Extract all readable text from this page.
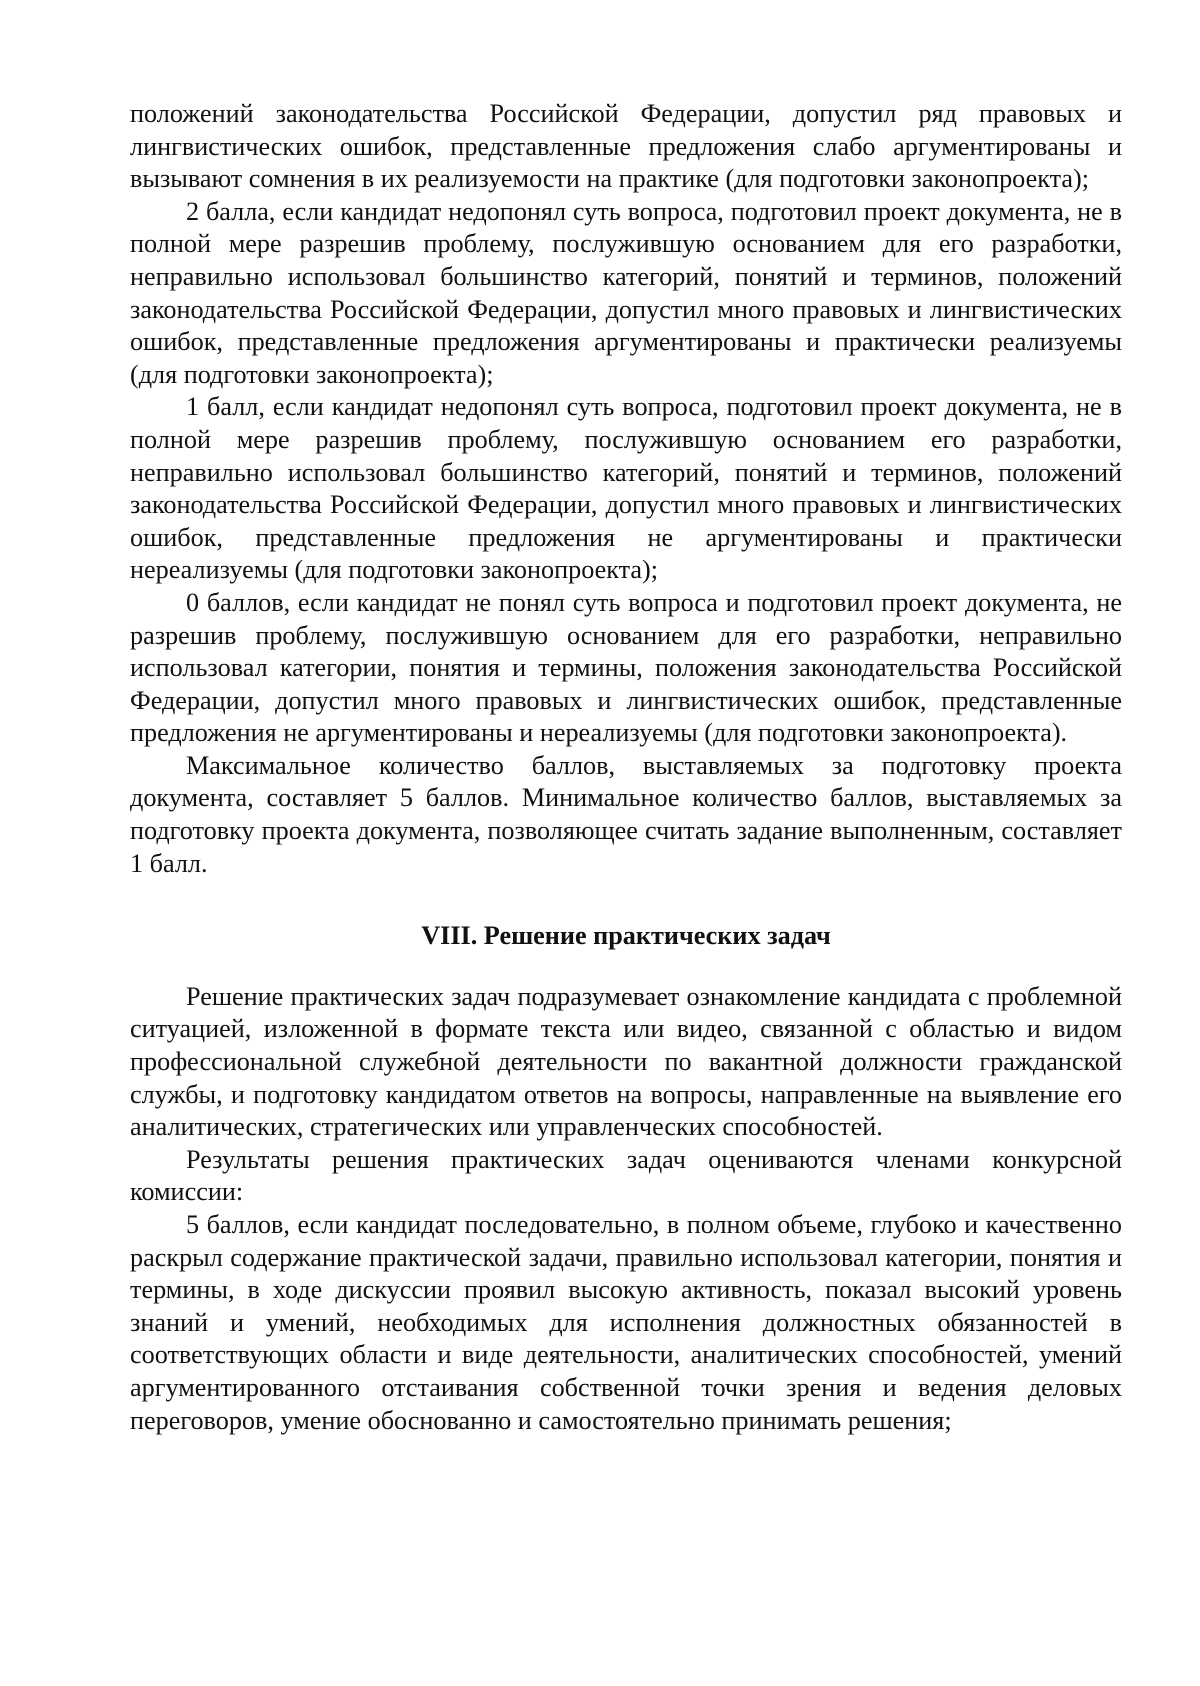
положений законодательства Российской Федерации, допустил ряд правовых и лингвистических ошибок, представленные предложения слабо аргументированы и вызывают сомнения в их реализуемости на практике (для подготовки законопроекта);

2 балла, если кандидат недопонял суть вопроса, подготовил проект документа, не в полной мере разрешив проблему, послужившую основанием для его разработки, неправильно использовал большинство категорий, понятий и терминов, положений законодательства Российской Федерации, допустил много правовых и лингвистических ошибок, представленные предложения аргументированы и практически реализуемы (для подготовки законопроекта);

1 балл, если кандидат недопонял суть вопроса, подготовил проект документа, не в полной мере разрешив проблему, послужившую основанием его разработки, неправильно использовал большинство категорий, понятий и терминов, положений законодательства Российской Федерации, допустил много правовых и лингвистических ошибок, представленные предложения не аргументированы и практически нереализуемы (для подготовки законопроекта);

0 баллов, если кандидат не понял суть вопроса и подготовил проект документа, не разрешив проблему, послужившую основанием для его разработки, неправильно использовал категории, понятия и термины, положения законодательства Российской Федерации, допустил много правовых и лингвистических ошибок, представленные предложения не аргументированы и нереализуемы (для подготовки законопроекта).

Максимальное количество баллов, выставляемых за подготовку проекта документа, составляет 5 баллов. Минимальное количество баллов, выставляемых за подготовку проекта документа, позволяющее считать задание выполненным, составляет 1 балл.

VIII. Решение практических задач

Решение практических задач подразумевает ознакомление кандидата с проблемной ситуацией, изложенной в формате текста или видео, связанной с областью и видом профессиональной служебной деятельности по вакантной должности гражданской службы, и подготовку кандидатом ответов на вопросы, направленные на выявление его аналитических, стратегических или управленческих способностей.

Результаты решения практических задач оцениваются членами конкурсной комиссии:

5 баллов, если кандидат последовательно, в полном объеме, глубоко и качественно раскрыл содержание практической задачи, правильно использовал категории, понятия и термины, в ходе дискуссии проявил высокую активность, показал высокий уровень знаний и умений, необходимых для исполнения должностных обязанностей в соответствующих области и виде деятельности, аналитических способностей, умений аргументированного отстаивания собственной точки зрения и ведения деловых переговоров, умение обоснованно и самостоятельно принимать решения;
